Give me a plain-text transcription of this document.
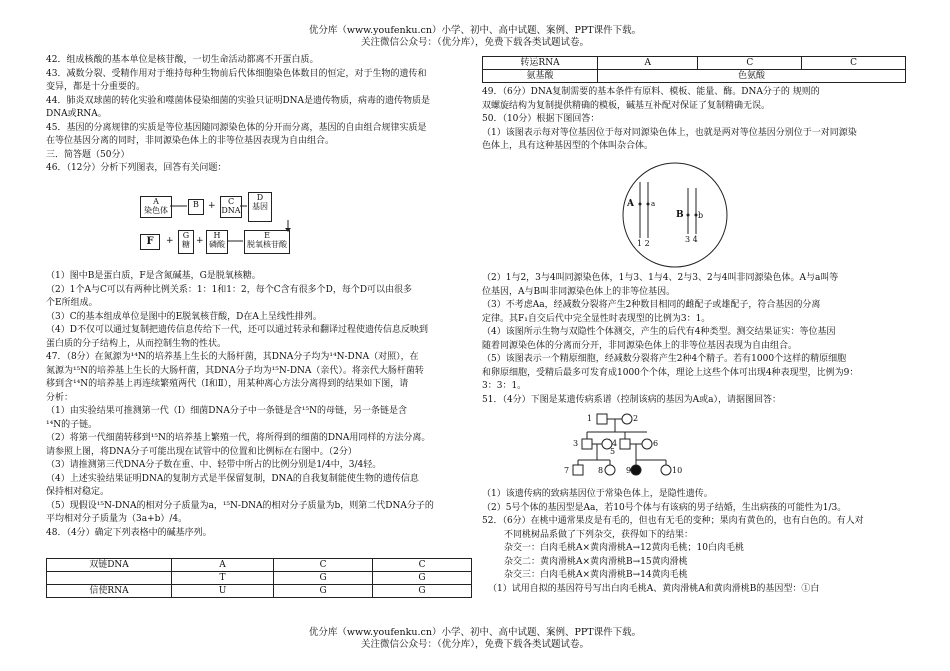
优分库（www.youfenku.cn）小学、初中、高中试题、案例、PPT课件下载。
关注微信公众号：（优分库），免费下载各类试题试卷。

42．组成核酸的基本单位是核苷酸，一切生命活动都离不开蛋白质。

43．减数分裂、受精作用对于维持每种生物前后代体细胞染色体数目的恒定，对于生物的遗传和

变异，都是十分重要的。

44．肺炎双球菌的转化实验和噬菌体侵染细菌的实验只证明DNA是遗传物质，病毒的遗传物质是

DNA或RNA。

45．基因的分离规律的实质是等位基因随同源染色体的分开而分离，基因的自由组合规律实质是

在等位基因分离的同时，非同源染色体上的非等位基因表现为自由组合。

三．简答题（50分）

46．（12分）分析下列图表，回答有关问题：

A
染色体
B	+	C
DNA
D
基因
F	+
G
糖 +
H
磷酸
E
脱氧核苷酸

（1）图中B是蛋白质，F是含氮碱基，G是脱氧核糖。

（2）1个A与C可以有两种比例关系：1：1和1：2，每个C含有很多个D，每个D可以由很多

个E所组成。

（3）C的基本组成单位是图中的E脱氧核苷酸，D在A上呈线性排列。

（4）D不仅可以通过复制把遗传信息传给下一代，还可以通过转录和翻译过程使遗传信息反映到

蛋白质的分子结构上，从而控制生物的性状。

47．（8分）在氮源为¹⁴N的培养基上生长的大肠杆菌，其DNA分子均为¹⁴N-DNA（对照），在

氮源为¹⁵N的培养基上生长的大肠杆菌，其DNA分子均为¹⁵N-DNA（亲代）。将亲代大肠杆菌转

移到含¹⁴N的培养基上再连续繁殖两代（Ⅰ和Ⅱ），用某种离心方法分离得到的结果如下图，请

分析：

（1）由实验结果可推测第一代（Ⅰ）细菌DNA分子中一条链是含¹⁵N的母链，另一条链是含

¹⁴N的子链。

（2）将第一代细菌转移到¹⁵N的培养基上繁殖一代，将所得到的细菌的DNA用同样的方法分离。

请参照上图，将DNA分子可能出现在试管中的位置和比例标在右图中。（2分）

（3）请推测第三代DNA分子数在重、中、轻带中所占的比例分别是1/4中，3/4轻。

（4）上述实验结果证明DNA的复制方式是半保留复制，DNA的自我复制能使生物的遗传信息

保持相对稳定。

（5）现假设¹⁵N-DNA的相对分子质量为a，¹⁵N-DNA的相对分子质量为b，则第二代DNA分子的

平均相对分子质量为（3a+b）/4。

48．（4分）确定下列表格中的碱基序列。

双链DNA	A	C	C
	T	G	G
信使RNA	U	G	G
转运RNA	A	C	C
氨基酸	色氨酸		

49．（6分）DNA复制需要的基本条件有原料、模板、能量、酶。DNA分子的 规则的

双螺旋结构为复制提供精确的模板，碱基互补配对保证了复制精确无误。

50．（10分）根据下图回答：

（1）该图表示每对等位基因位于每对同源染色体上，也就是两对等位基因分别位于一对同源染

色体上，具有这种基因型的个体叫杂合体。

A a
B b
1 2	3 4

（2）1与2，3与4叫同源染色体，1与3、1与4、2与3、2与4叫非同源染色体。A与a叫等

位基因，A与B叫非同源染色体上的非等位基因。

（3）不考虑Aa，经减数分裂将产生2种数目相同的雌配子或雄配子，符合基因的分离

定律。其F₁自交后代中完全显性时表现型的比例为3：1。

（4）该图所示生物与双隐性个体测交，产生的后代有4种类型。测交结果证实：等位基因

随着同源染色体的分离而分开，非同源染色体上的非等位基因表现为自由组合。

（5）该图表示一个精原细胞，经减数分裂将产生2种4个精子。若有1000个这样的精原细胞

和卵原细胞，受精后最多可发育成1000个个体，理论上这些个体可出现4种表现型，比例为9：

3：3：1。

51．（4分）下图是某遗传病系谱（控制该病的基因为A或a），请据图回答：

1	2
3	4
5
6
7	8	9	10

（1）该遗传病的致病基因位于常染色体上，是隐性遗传。

（2）5号个体的基因型是Aa，若10号个体与有该病的男子结婚，生出病孩的可能性为1/3。

52．（6分）在桃中通常果皮是有毛的，但也有无毛的变种；果肉有黄色的，也有白色的。有人对

不同桃树品系做了下列杂交，获得如下的结果：

杂交一：白肉毛桃A×黄肉滑桃A→12黄肉毛桃；10白肉毛桃

杂交二：黄肉滑桃A×黄肉滑桃B→15黄肉滑桃

杂交三：白肉毛桃A×黄肉滑桃B→14黄肉毛桃

（1）试用自拟的基因符号写出白肉毛桃A、黄肉滑桃A和黄肉滑桃B的基因型：①白

优分库（www.youfenku.cn）小学、初中、高中试题、案例、PPT课件下载。
关注微信公众号：（优分库），免费下载各类试题试卷。
